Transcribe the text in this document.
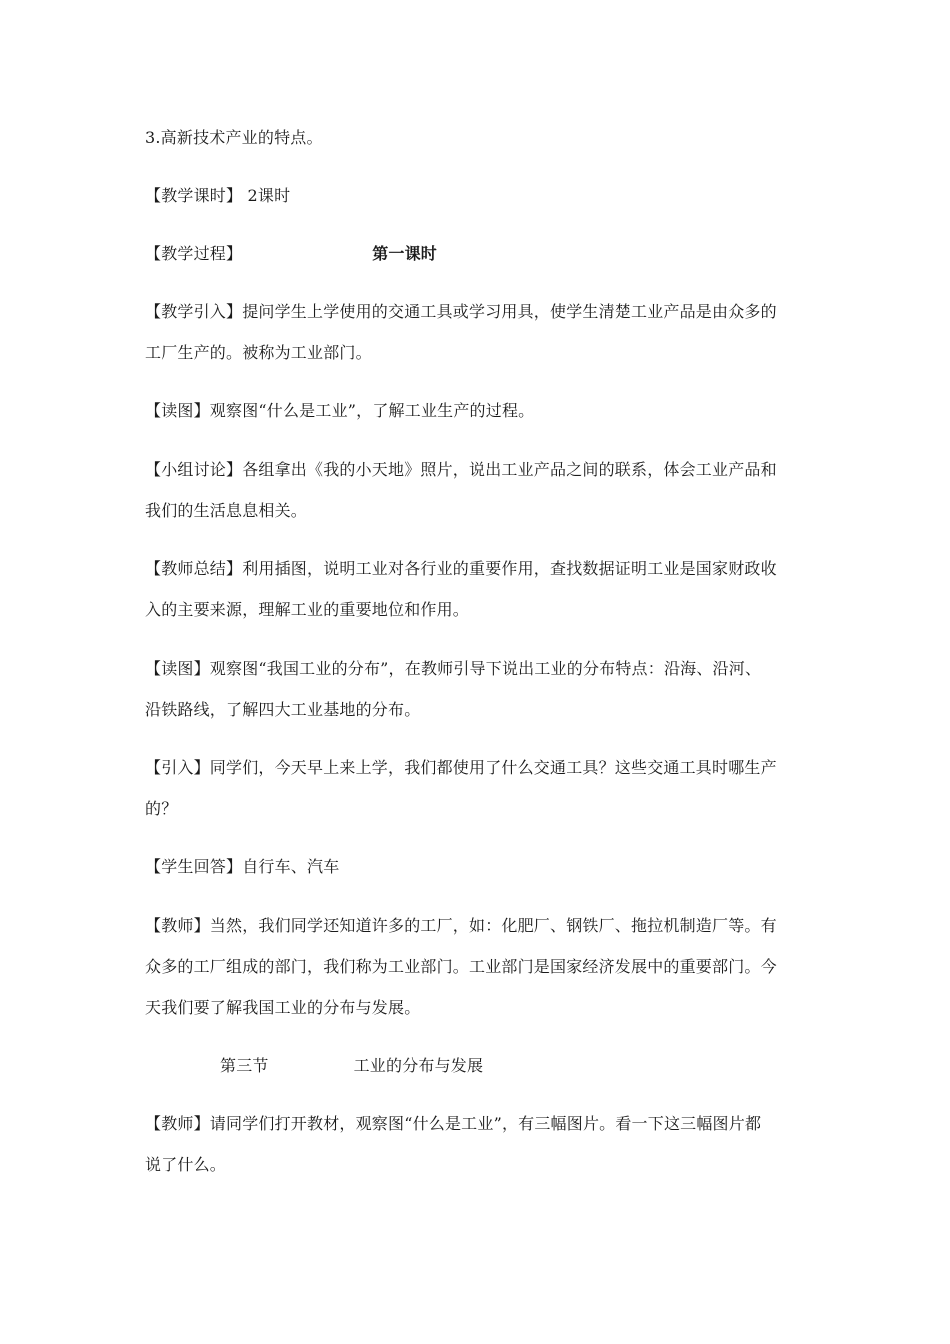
3.高新技术产业的特点。
【教学课时】 2课时
【教学过程】	第一课时
【教学引入】提问学生上学使用的交通工具或学习用具，使学生清楚工业产品是由众多的
工厂生产的。被称为工业部门。
【读图】观察图“什么是工业”，了解工业生产的过程。
【小组讨论】各组拿出《我的小天地》照片，说出工业产品之间的联系，体会工业产品和
我们的生活息息相关。
【教师总结】利用插图，说明工业对各行业的重要作用，查找数据证明工业是国家财政收
入的主要来源，理解工业的重要地位和作用。
【读图】观察图“我国工业的分布”，在教师引导下说出工业的分布特点：沿海、沿河、
沿铁路线，了解四大工业基地的分布。
【引入】同学们，今天早上来上学，我们都使用了什么交通工具？这些交通工具时哪生产
的？
【学生回答】自行车、汽车
【教师】当然，我们同学还知道许多的工厂，如：化肥厂、钢铁厂、拖拉机制造厂等。有
众多的工厂组成的部门，我们称为工业部门。工业部门是国家经济发展中的重要部门。今
天我们要了解我国工业的分布与发展。
第三节	工业的分布与发展
【教师】请同学们打开教材，观察图“什么是工业”，有三幅图片。看一下这三幅图片都
说了什么。
